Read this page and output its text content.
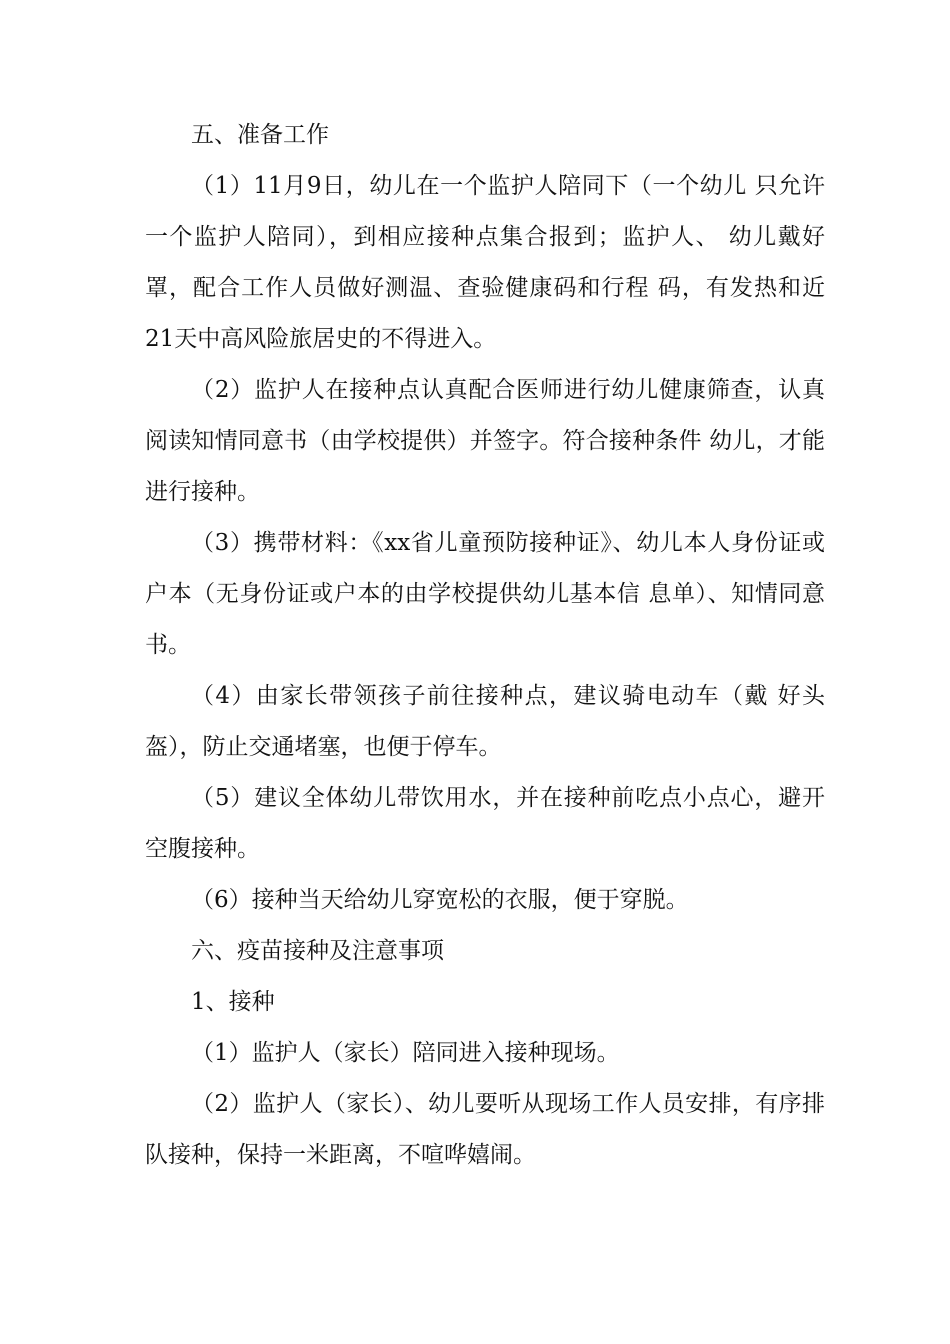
五、准备工作

（1）11月9日，幼儿在一个监护人陪同下（一个幼儿 只允许一个监护人陪同），到相应接种点集合报到；监护人、 幼儿戴好罩，配合工作人员做好测温、查验健康码和行程 码，有发热和近21天中高风险旅居史的不得进入。

（2）监护人在接种点认真配合医师进行幼儿健康筛查，认真阅读知情同意书（由学校提供）并签字。符合接种条件 幼儿，才能进行接种。

（3）携带材料：《xx省儿童预防接种证》、幼儿本人身份证或户本（无身份证或户本的由学校提供幼儿基本信 息单）、知情同意书。

（4）由家长带领孩子前往接种点，建议骑电动车（戴 好头盔），防止交通堵塞，也便于停车。

（5）建议全体幼儿带饮用水，并在接种前吃点小点心，避开空腹接种。

（6）接种当天给幼儿穿宽松的衣服，便于穿脱。

六、疫苗接种及注意事项

1、接种

（1）监护人（家长）陪同进入接种现场。

（2）监护人（家长）、幼儿要听从现场工作人员安排，有序排队接种，保持一米距离，不喧哗嬉闹。
